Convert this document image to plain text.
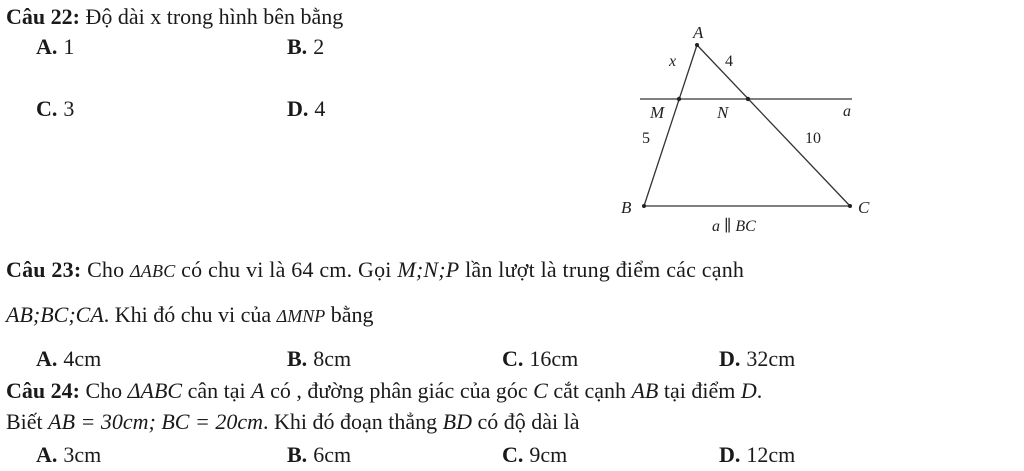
Câu 22: Độ dài x trong hình bên bằng
A. 1	B. 2
C. 3	D. 4
A
x	4
M	N	a
5	10
B	C
a ∥ BC
Câu 23: Cho ΔABC có chu vi là 64 cm. Gọi M;N;P lần lượt là trung điểm các cạnh
AB;BC;CA. Khi đó chu vi của ΔMNP bằng
A. 4cm	B. 8cm	C. 16cm	D. 32cm
Câu 24: Cho ΔABC cân tại A có , đường phân giác của góc C cắt cạnh AB tại điểm D.
Biết AB = 30cm; BC = 20cm. Khi đó đoạn thẳng BD có độ dài là
A. 3cm	B. 6cm	C. 9cm	D. 12cm
